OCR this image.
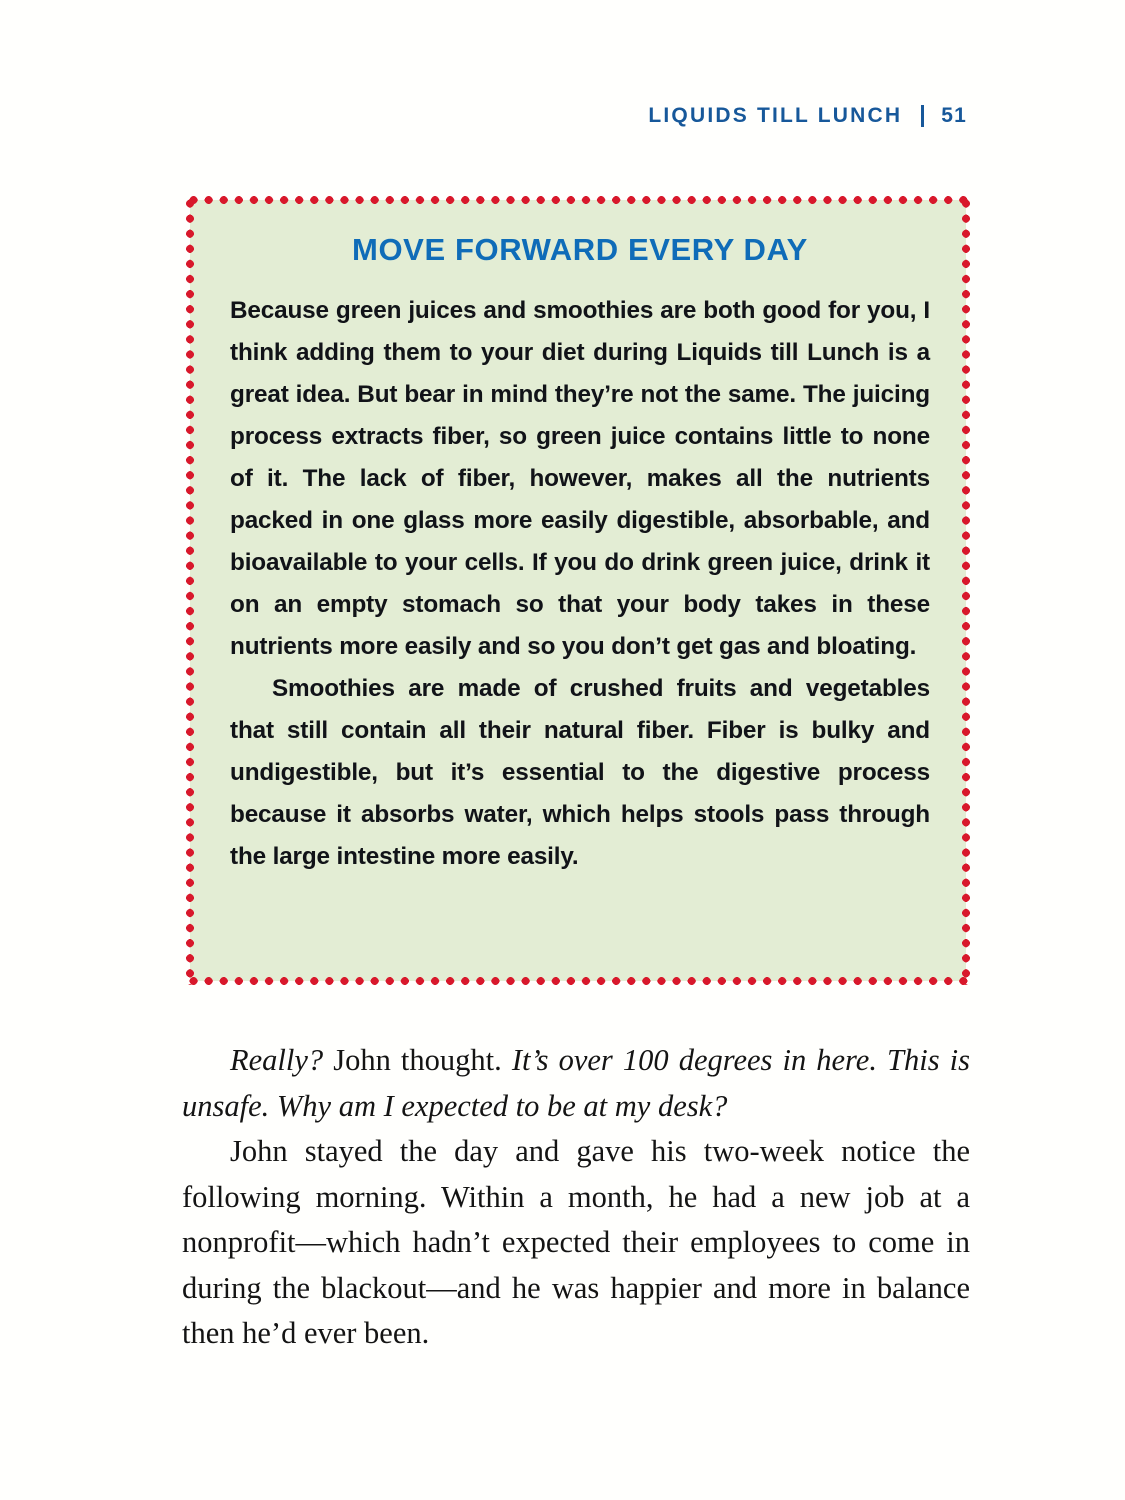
LIQUIDS TILL LUNCH 51
MOVE FORWARD EVERY DAY

Because green juices and smoothies are both good for you, I think adding them to your diet during Liquids till Lunch is a great idea. But bear in mind they’re not the same. The juicing process extracts fiber, so green juice contains little to none of it. The lack of fiber, however, makes all the nutrients packed in one glass more easily digestible, absorbable, and bioavailable to your cells. If you do drink green juice, drink it on an empty stomach so that your body takes in these nutrients more easily and so you don’t get gas and bloating.

Smoothies are made of crushed fruits and vegetables that still contain all their natural fiber. Fiber is bulky and undigestible, but it’s essential to the digestive process because it absorbs water, which helps stools pass through the large intestine more easily.

Really? John thought. It’s over 100 degrees in here. This is unsafe. Why am I expected to be at my desk?

John stayed the day and gave his two-week notice the following morning. Within a month, he had a new job at a nonprofit—which hadn’t expected their employees to come in during the blackout—and he was happier and more in balance then he’d ever been.
